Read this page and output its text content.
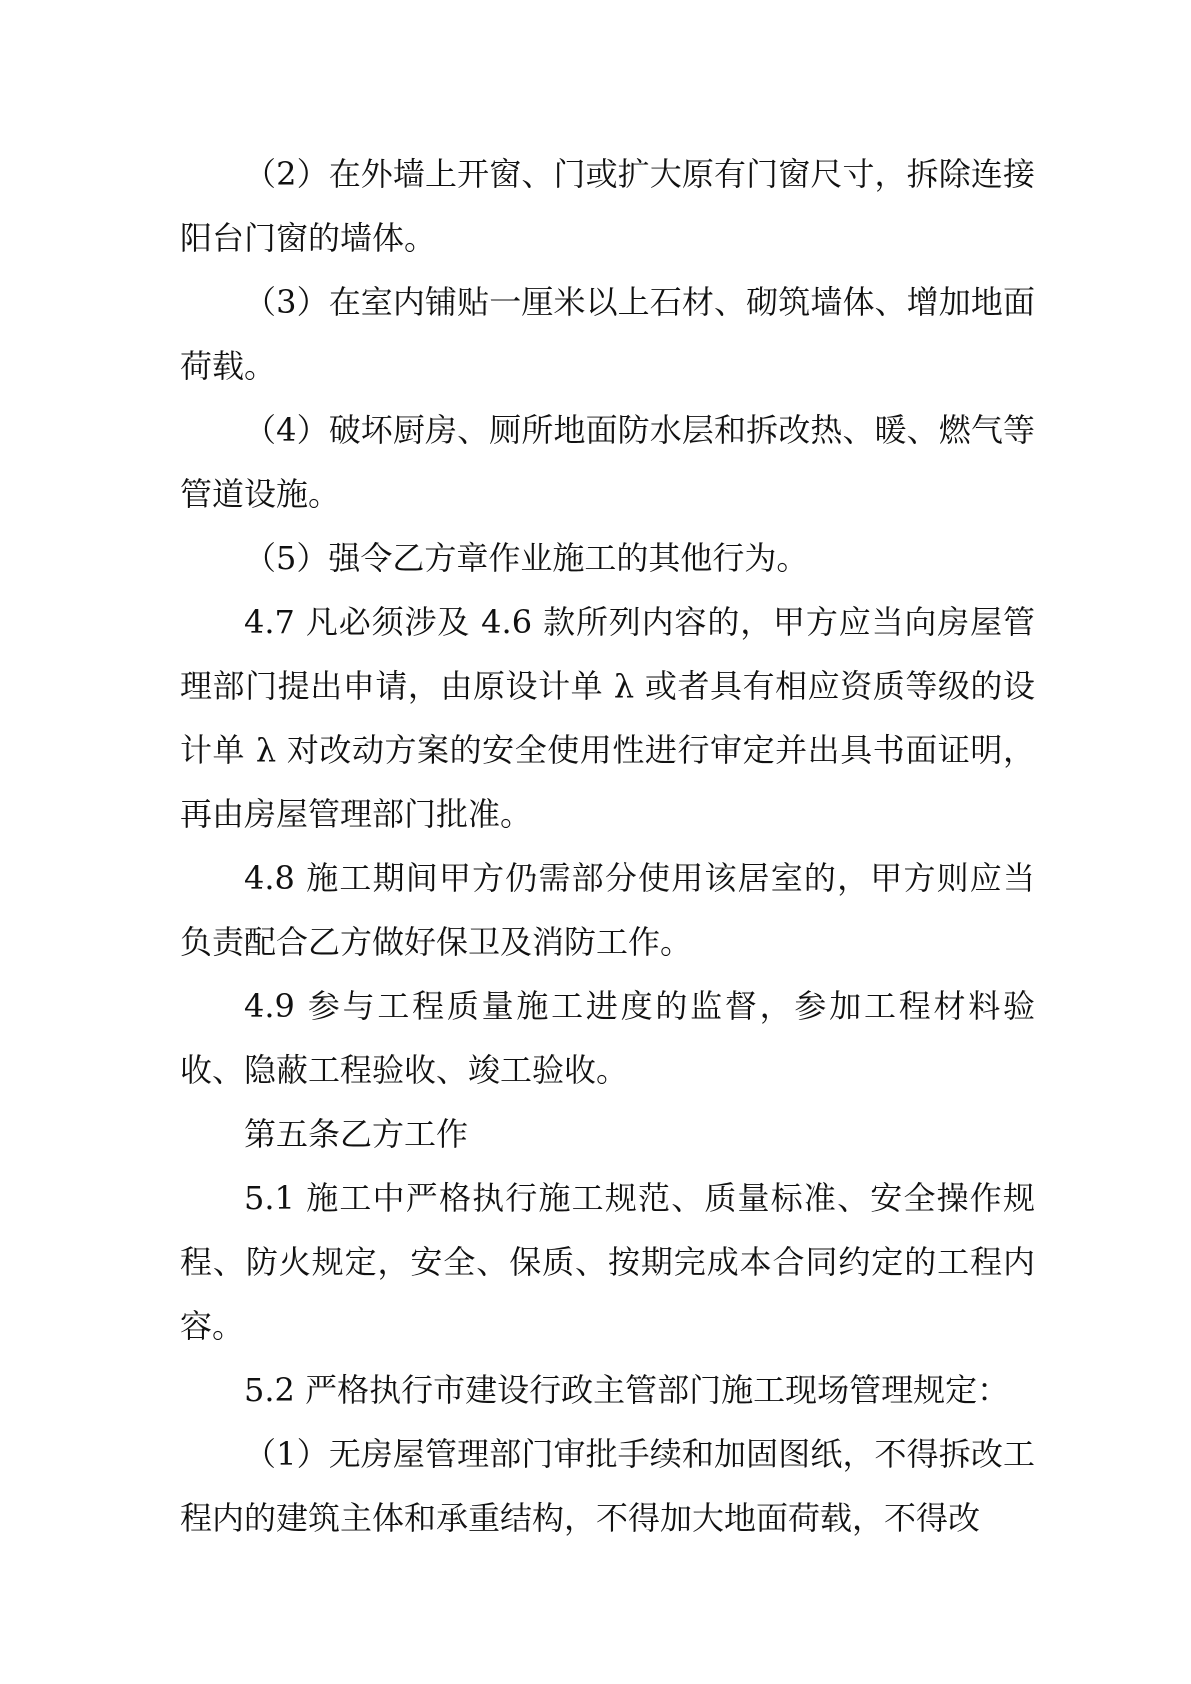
（2）在外墙上开窗、门或扩大原有门窗尺寸，拆除连接阳台门窗的墙体。

（3）在室内铺贴一厘米以上石材、砌筑墙体、增加地面荷载。

（4）破坏厨房、厕所地面防水层和拆改热、暖、燃气等管道设施。

（5）强令乙方章作业施工的其他行为。

4.7 凡必须涉及 4.6 款所列内容的，甲方应当向房屋管理部门提出申请，由原设计单 λ 或者具有相应资质等级的设计单 λ 对改动方案的安全使用性进行审定并出具书面证明，再由房屋管理部门批准。

4.8 施工期间甲方仍需部分使用该居室的，甲方则应当负责配合乙方做好保卫及消防工作。

4.9 参与工程质量施工进度的监督，参加工程材料验收、隐蔽工程验收、竣工验收。

第五条乙方工作

5.1 施工中严格执行施工规范、质量标准、安全操作规程、防火规定，安全、保质、按期完成本合同约定的工程内容。

5.2 严格执行市建设行政主管部门施工现场管理规定：

（1）无房屋管理部门审批手续和加固图纸，不得拆改工程内的建筑主体和承重结构，不得加大地面荷载，不得改
